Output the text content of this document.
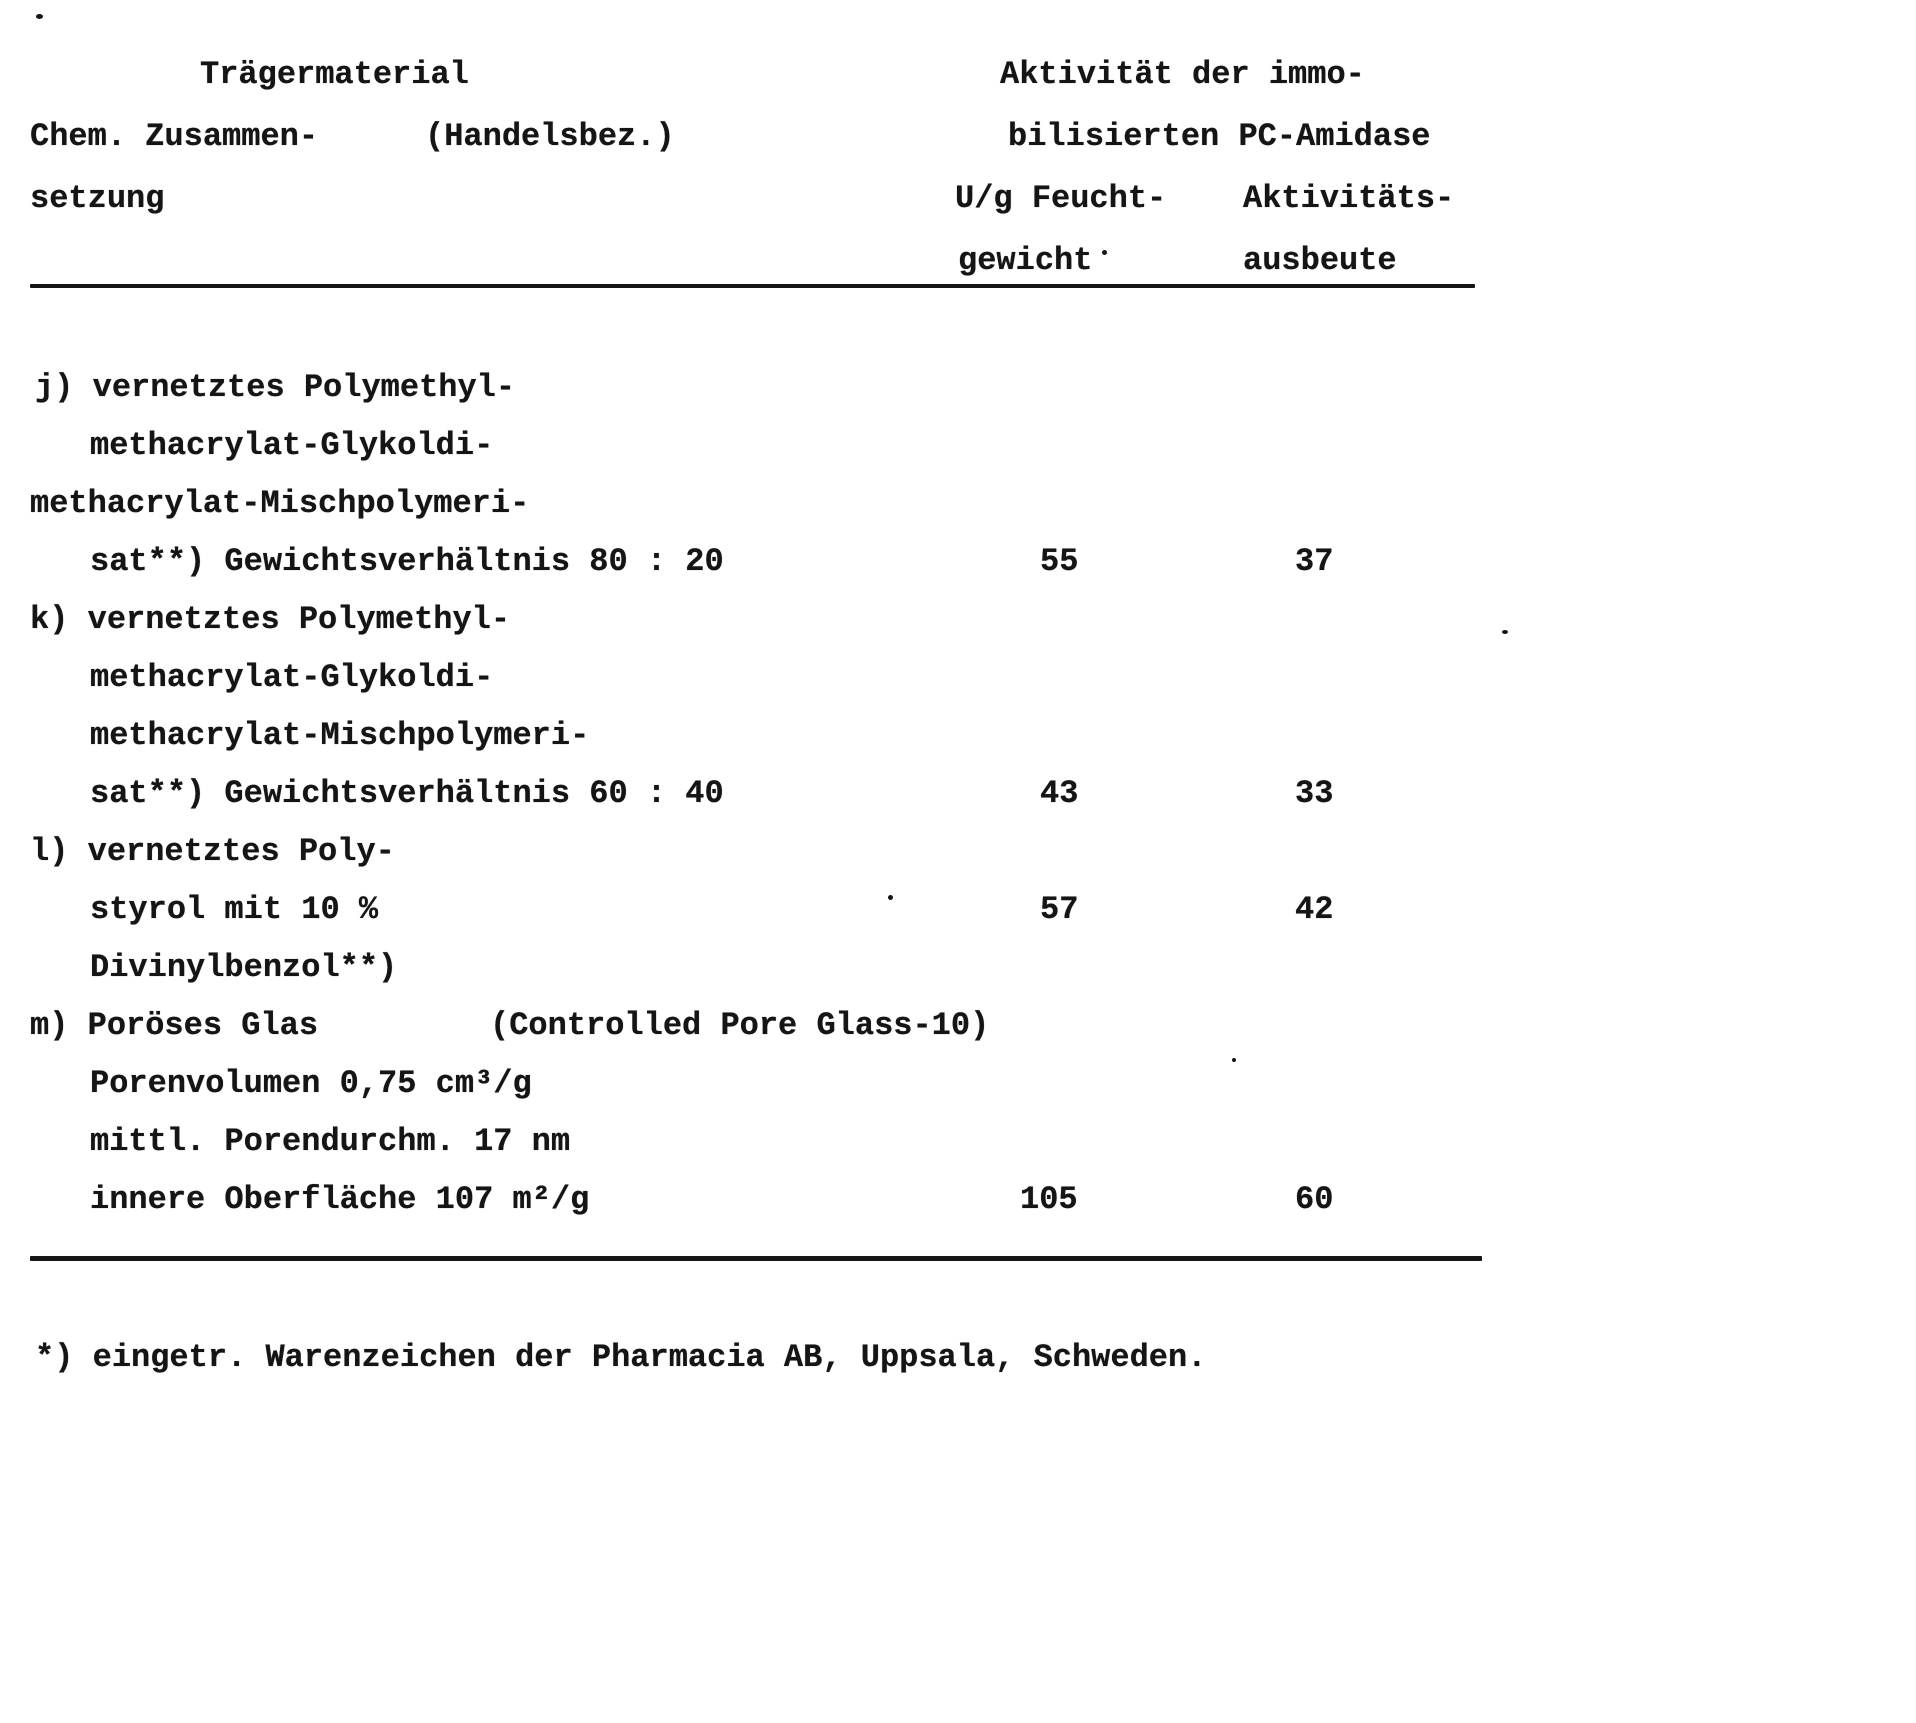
Trägermaterial	Aktivität der immo-
Chem. Zusammen-	(Handelsbez.)	bilisierten PC-Amidase
setzung	U/g Feucht- Aktivitäts-
gewicht	ausbeute
j) vernetztes Polymethyl-
methacrylat-Glykoldi-
methacrylat-Mischpolymeri-
sat**) Gewichtsverhältnis 80 : 20	55	37
k) vernetztes Polymethyl-
methacrylat-Glykoldi-
methacrylat-Mischpolymeri-
sat**) Gewichtsverhältnis 60 : 40	43	33
l) vernetztes Poly-
styrol mit 10 %	57	42
Divinylbenzol**)
m) Poröses Glas	(Controlled Pore Glass-10)
Porenvolumen 0,75 cm³/g
mittl. Porendurchm. 17 nm
innere Oberfläche 107 m²/g	105	60
*) eingetr. Warenzeichen der Pharmacia AB, Uppsala, Schweden.
